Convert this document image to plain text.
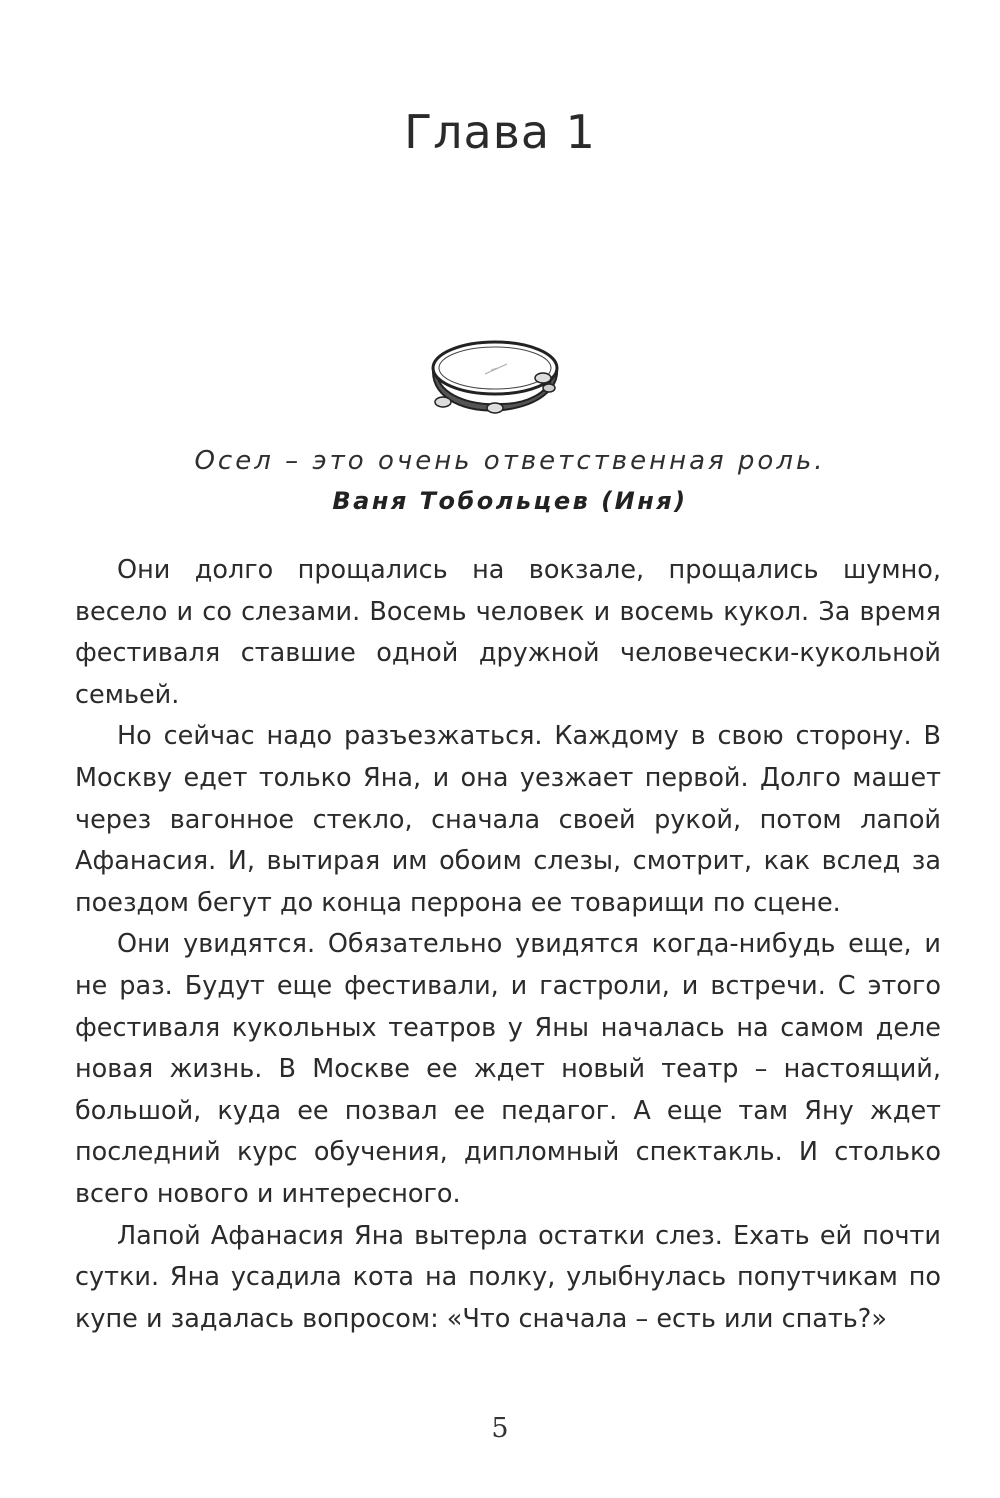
Глава 1
Осел – это очень ответственная роль.
Ваня Тобольцев (Иня)

Они долго прощались на вокзале, прощались шумно, весело и со слезами. Восемь человек и восемь кукол. За время фестиваля ставшие одной дружной человечески-кукольной семьей.

Но сейчас надо разъезжаться. Каждому в свою сторону. В Москву едет только Яна, и она уезжает первой. Долго машет через вагонное стекло, сначала своей рукой, потом лапой Афанасия. И, вытирая им обоим слезы, смотрит, как вслед за поездом бегут до конца перрона ее товарищи по сцене.

Они увидятся. Обязательно увидятся когда-нибудь еще, и не раз. Будут еще фестивали, и гастроли, и встречи. С этого фестиваля кукольных театров у Яны началась на самом деле новая жизнь. В Москве ее ждет новый театр – настоящий, большой, куда ее позвал ее педагог. А еще там Яну ждет последний курс обучения, дипломный спектакль. И столько всего нового и интересного.

Лапой Афанасия Яна вытерла остатки слез. Ехать ей почти сутки. Яна усадила кота на полку, улыбнулась попутчикам по купе и задалась вопросом: «Что сначала – есть или спать?»

5
